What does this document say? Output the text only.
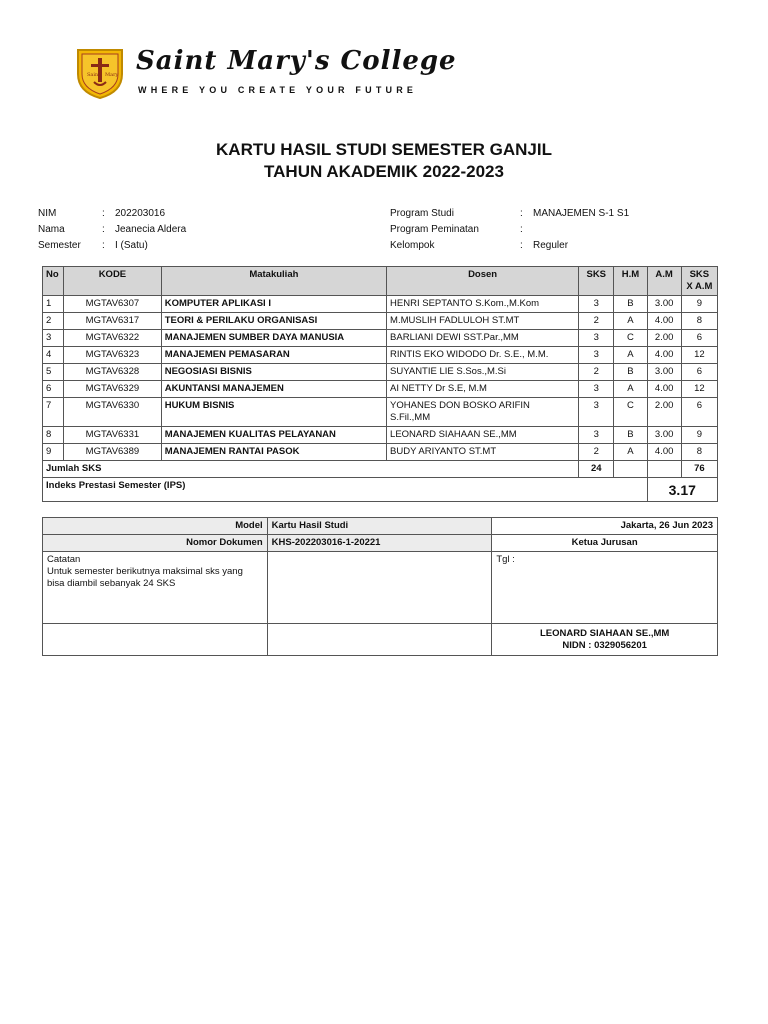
Saint Mary Saint Mary's College
WHERE YOU CREATE YOUR FUTURE
KARTU HASIL STUDI SEMESTER GANJIL
TAHUN AKADEMIK 2022-2023
NIM	:	202203016
Nama	:	Jeanecia Aldera
Semester	:	I (Satu)
Program Studi	:	MANAJEMEN S-1 S1
Program Peminatan	:
Kelompok	:	Reguler
No	KODE	Matakuliah	Dosen	SKS	H.M	A.M	SKS
X A.M
1	MGTAV6307	KOMPUTER APLIKASI I	HENRI SEPTANTO S.Kom.,M.Kom	3	B	3.00	9
2	MGTAV6317	TEORI & PERILAKU ORGANISASI	M.MUSLIH FADLULOH ST.MT	2	A	4.00	8
3	MGTAV6322	MANAJEMEN SUMBER DAYA MANUSIA	BARLIANI DEWI SST.Par.,MM	3	C	2.00	6
4	MGTAV6323	MANAJEMEN PEMASARAN	RINTIS EKO WIDODO Dr. S.E., M.M.	3	A	4.00	12
5	MGTAV6328	NEGOSIASI BISNIS	SUYANTIE LIE S.Sos.,M.Si	2	B	3.00	6
6	MGTAV6329	AKUNTANSI MANAJEMEN	AI NETTY Dr S.E, M.M	3	A	4.00	12
7	MGTAV6330	HUKUM BISNIS	YOHANES DON BOSKO ARIFIN
S.Fil.,MM	3	C	2.00	6
8	MGTAV6331	MANAJEMEN KUALITAS PELAYANAN	LEONARD SIAHAAN SE.,MM	3	B	3.00	9
9	MGTAV6389	MANAJEMEN RANTAI PASOK	BUDY ARIYANTO ST.MT	2	A	4.00	8
Jumlah SKS				24			76
Indeks Prestasi Semester (IPS)						3.17	
Model	Kartu Hasil Studi	Jakarta, 26 Jun 2023
Nomor Dokumen	KHS-202203016-1-20221	Ketua Jurusan

Catatan
Untuk semester berikutnya maksimal sks yang
bisa diambil sebanyak 24 SKS		Tgl :

		LEONARD SIAHAAN SE.,MM
NIDN : 0329056201
